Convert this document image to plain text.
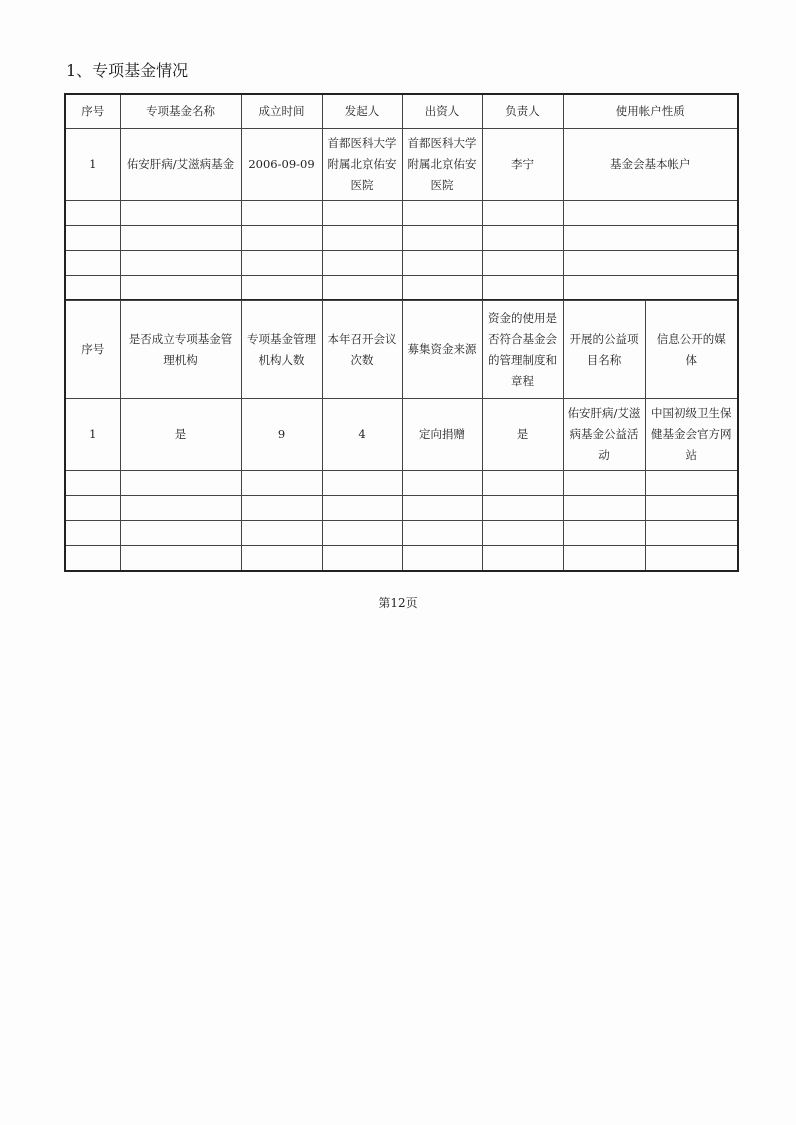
1、专项基金情况
序号	专项基金名称	成立时间	发起人	出资人	负责人	使用帐户性质
1	佑安肝病/艾滋病基金	2006-09-09	首都医科大学
附属北京佑安
医院	首都医科大学
附属北京佑安
医院	李宁	基金会基本帐户

序号	是否成立专项基金管
理机构	专项基金管理
机构人数	本年召开会议
次数	募集资金来源	资金的使用是
否符合基金会
的管理制度和
章程	开展的公益项
目名称	信息公开的媒
体
1	是	9	4	定向捐赠	是	佑安肝病/艾滋
病基金公益活
动	中国初级卫生保
健基金会官方网
站

第12页
